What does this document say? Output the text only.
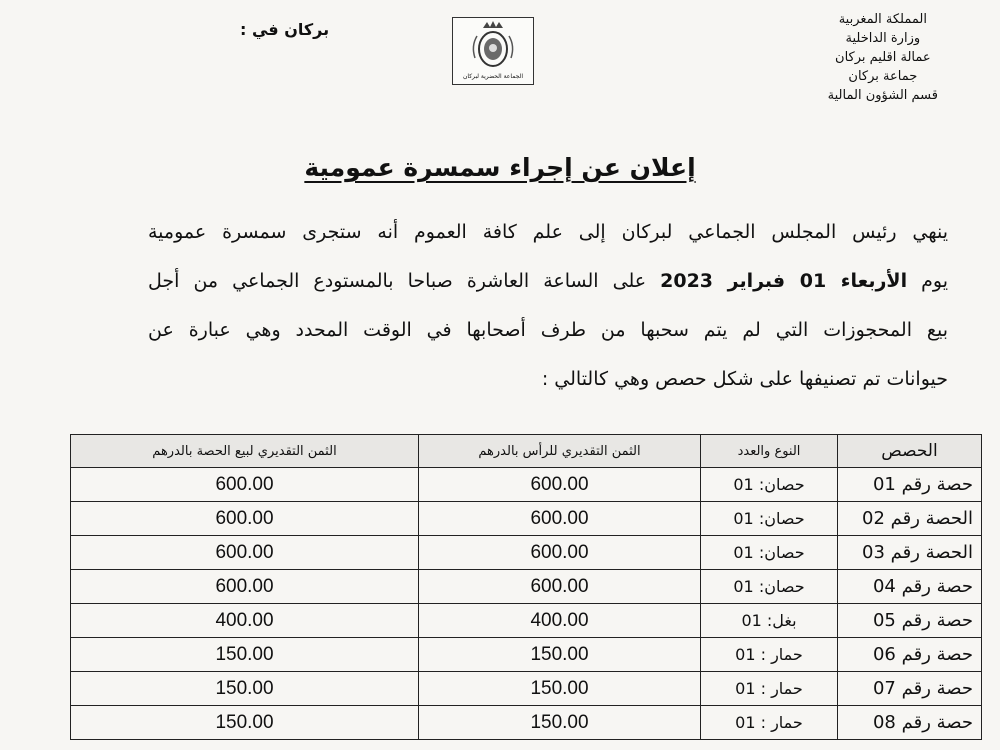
المملكة المغربية
وزارة الداخلية
عمالة اقليم بركان
جماعة بركان
قسم الشؤون المالية
الجماعة الحضرية لبركان
بركان في :
إعلان عن إجراء سمسرة عمومية
ينهي رئيس المجلس الجماعي لبركان إلى علم كافة العموم أنه ستجرى سمسرة عمومية
يوم الأربعاء 01 فبراير 2023 على الساعة العاشرة صباحا بالمستودع الجماعي من أجل
بيع المحجوزات التي لم يتم سحبها من طرف أصحابها في الوقت المحدد وهي عبارة عن
حيوانات تم تصنيفها على شكل حصص وهي كالتالي :
الحصص	النوع والعدد	الثمن التقديري للرأس بالدرهم	الثمن التقديري لبيع الحصة بالدرهم
حصة رقم 01	حصان: 01	600.00	600.00
الحصة رقم 02	حصان: 01	600.00	600.00
الحصة رقم 03	حصان: 01	600.00	600.00
حصة رقم 04	حصان: 01	600.00	600.00
حصة رقم 05	بغل: 01	400.00	400.00
حصة رقم 06	حمار : 01	150.00	150.00
حصة رقم 07	حمار : 01	150.00	150.00
حصة رقم 08	حمار : 01	150.00	150.00
